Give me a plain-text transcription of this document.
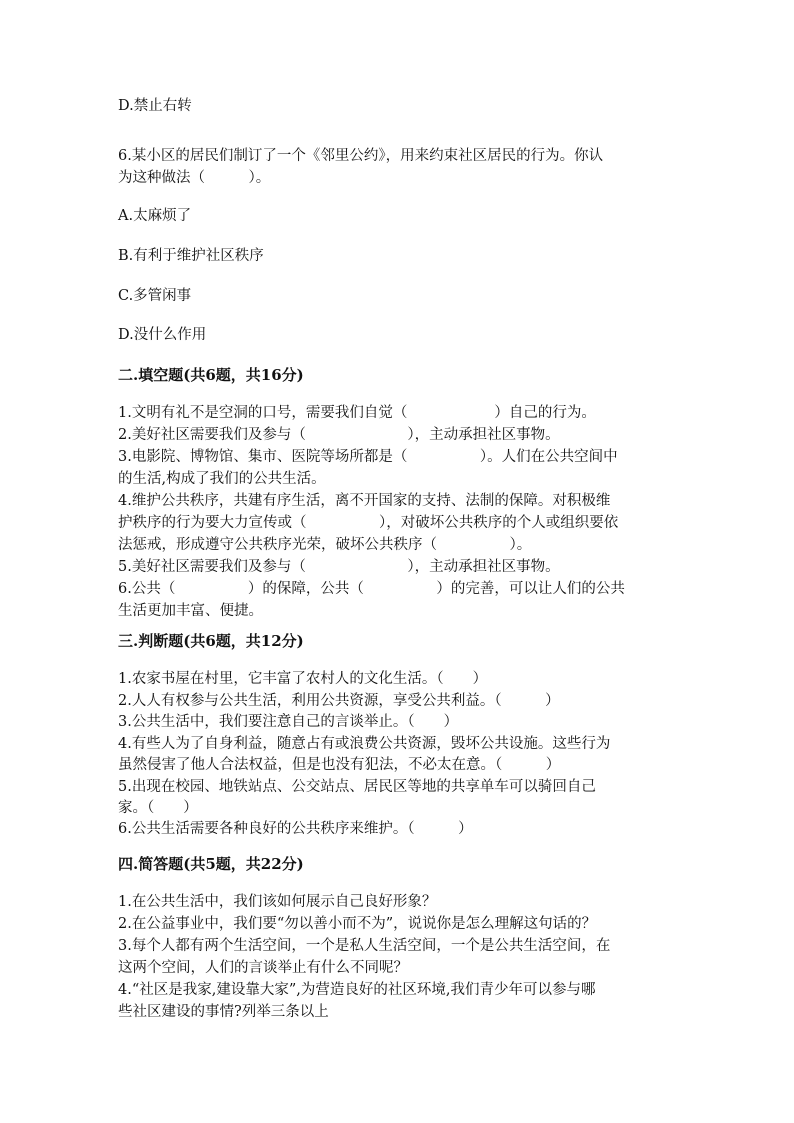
D.禁止右转
6.某小区的居民们制订了一个《邻里公约》，用来约束社区居民的行为。你认
为这种做法（　　　）。
A.太麻烦了
B.有利于维护社区秩序
C.多管闲事
D.没什么作用
二.填空题(共6题，共16分)
1.文明有礼不是空洞的口号，需要我们自觉（　　　　　　）自己的行为。
2.美好社区需要我们及参与（　　　　　　　），主动承担社区事物。
3.电影院、博物馆、集市、医院等场所都是（　　　　　）。人们在公共空间中
的生活,构成了我们的公共生活。
4.维护公共秩序，共建有序生活，离不开国家的支持、法制的保障。对积极维
护秩序的行为要大力宣传或（　　　　　），对破坏公共秩序的个人或组织要依
法惩戒，形成遵守公共秩序光荣，破坏公共秩序（　　　　　）。
5.美好社区需要我们及参与（　　　　　　　），主动承担社区事物。
6.公共（　　　　　）的保障，公共（　　　　　）的完善，可以让人们的公共
生活更加丰富、便捷。
三.判断题(共6题，共12分)
1.农家书屋在村里，它丰富了农村人的文化生活。（　　）
2.人人有权参与公共生活，利用公共资源，享受公共利益。（　　　）
3.公共生活中，我们要注意自己的言谈举止。（　　）
4.有些人为了自身利益，随意占有或浪费公共资源，毁坏公共设施。这些行为
虽然侵害了他人合法权益，但是也没有犯法，不必太在意。（　　　）
5.出现在校园、地铁站点、公交站点、居民区等地的共享单车可以骑回自己
家。（　　）
6.公共生活需要各种良好的公共秩序来维护。（　　　）
四.简答题(共5题，共22分)
1.在公共生活中，我们该如何展示自己良好形象？
2.在公益事业中，我们要“勿以善小而不为”，说说你是怎么理解这句话的？
3.每个人都有两个生活空间，一个是私人生活空间，一个是公共生活空间，在
这两个空间，人们的言谈举止有什么不同呢？
4.“社区是我家,建设靠大家”,为营造良好的社区环境,我们青少年可以参与哪
些社区建设的事情?列举三条以上
